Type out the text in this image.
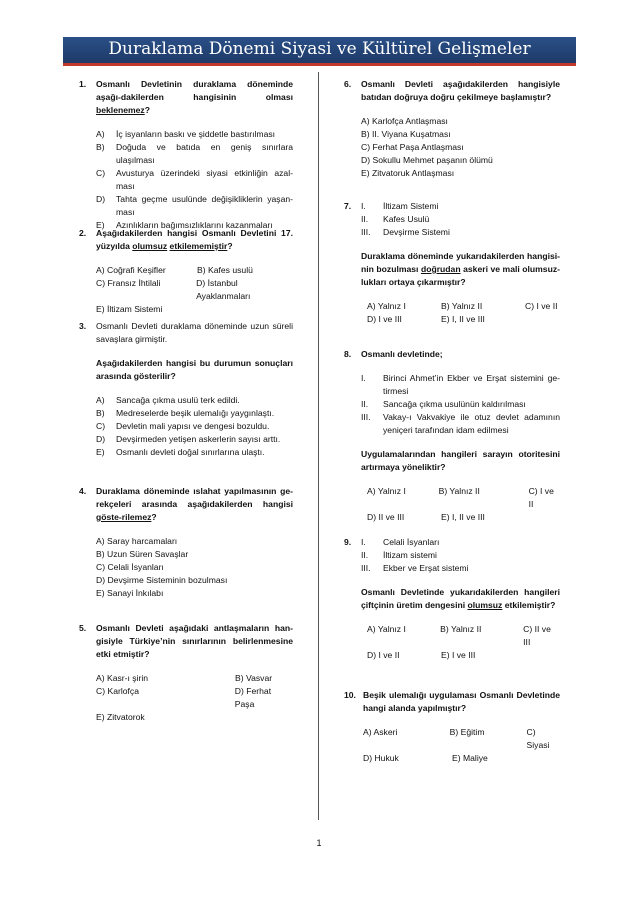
Duraklama Dönemi Siyasi ve Kültürel Gelişmeler
1. Osmanlı Devletinin duraklama döneminde aşağı-dakilerden hangisinin olması beklenemez?
A) İç isyanların baskı ve şiddetle bastırılması
B) Doğuda ve batıda en geniş sınırlara ulaşılması
C) Avusturya üzerindeki siyasi etkinliğin azal-ması
D) Tahta geçme usulünde değişikliklerin yaşan-ması
E) Azınlıkların bağımsızlıklarını kazanmaları
2. Aşağıdakilerden hangisi Osmanlı Devletini 17. yüzyılda olumsuz etkilememiştir?
A) Coğrafi Keşifler	B) Kafes usulü
C) Fransız İhtilali	D) İstanbul Ayaklanmaları
E) İltizam Sistemi
3. Osmanlı Devleti duraklama döneminde uzun süreli savaşlara girmiştir.
Aşağıdakilerden hangisi bu durumun sonuçları arasında gösterilir?
A) Sancağa çıkma usulü terk edildi.
B) Medreselerde beşik ulemalığı yaygınlaştı.
C) Devletin mali yapısı ve dengesi bozuldu.
D) Devşirmeden yetişen askerlerin sayısı arttı.
E) Osmanlı devleti doğal sınırlarına ulaştı.
4. Duraklama döneminde ıslahat yapılmasının ge-rekçeleri arasında aşağıdakilerden hangisi göste-rilemez?
A) Saray harcamaları
B) Uzun Süren Savaşlar
C) Celali İsyanları
D) Devşirme Sisteminin bozulması
E) Sanayi İnkılabı
5. Osmanlı Devleti aşağıdaki antlaşmaların han-gisiyle Türkiye’nin sınırlarının belirlenmesine etki etmiştir?
A) Kasr-ı şirin	B) Vasvar
C) Karlofça	D) Ferhat Paşa
E) Zitvatorok
6. Osmanlı Devleti aşağıdakilerden hangisiyle batıdan doğruya doğru çekilmeye başlamıştır?
A) Karlofça Antlaşması
B) II. Viyana Kuşatması
C) Ferhat Paşa Antlaşması
D) Sokullu Mehmet paşanın ölümü
E) Zitvatoruk Antlaşması
7. I. İltizam Sistemi
II. Kafes Usulü
III. Devşirme Sistemi
Duraklama döneminde yukarıdakilerden hangisi-nin bozulması doğrudan askeri ve mali olumsuz-lukları ortaya çıkarmıştır?
A) Yalnız I	B) Yalnız II	C) I ve II
D) I ve III	E) I, II ve III
8. Osmanlı devletinde;
I. Birinci Ahmet’in Ekber ve Erşat sistemini ge-tirmesi
II. Sancağa çıkma usulünün kaldırılması
III. Vakay-ı Vakvakiye ile otuz devlet adamının yeniçeri tarafından idam edilmesi
Uygulamalarından hangileri sarayın otoritesini artırmaya yöneliktir?
A) Yalnız I	B) Yalnız II	C) I ve II
D) II ve III	E) I, II ve III
9. I. Celali İsyanları
II. İltizam sistemi
III. Ekber ve Erşat sistemi
Osmanlı Devletinde yukarıdakilerden hangileri çiftçinin üretim dengesini olumsuz etkilemiştir?
A) Yalnız I	B) Yalnız II	C) II ve III
D) I ve II	E) I ve III
10. Beşik ulemalığı uygulaması Osmanlı Devletinde hangi alanda yapılmıştır?
A) Askeri	B) Eğitim	C) Siyasi
D) Hukuk	E) Maliye
1
